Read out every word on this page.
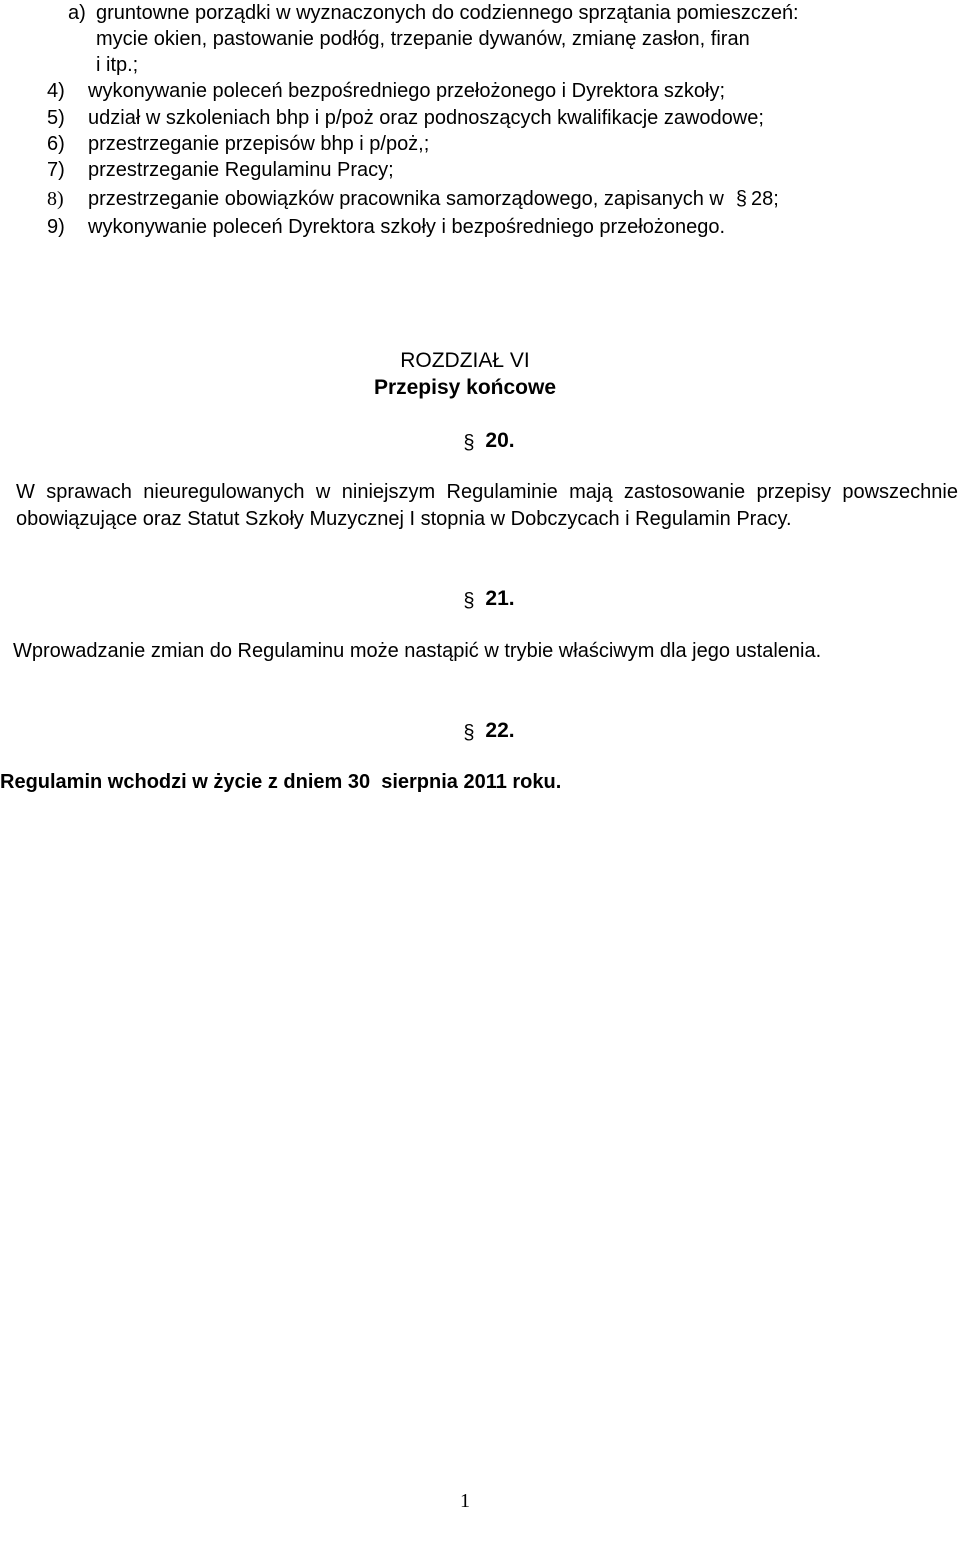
a) gruntowne porządki w wyznaczonych do codziennego sprzątania pomieszczeń:
mycie okien, pastowanie podłóg, trzepanie dywanów, zmianę zasłon, firan
i itp.;
4) wykonywanie poleceń bezpośredniego przełożonego i Dyrektora szkoły;
5) udział w szkoleniach bhp i p/poż oraz podnoszących kwalifikacje zawodowe;
6) przestrzeganie przepisów bhp i p/poż,;
7) przestrzeganie Regulaminu Pracy;
8) przestrzeganie obowiązków pracownika samorządowego, zapisanych w § 28;
9) wykonywanie poleceń Dyrektora szkoły i bezpośredniego przełożonego.
ROZDZIAŁ VI
Przepisy końcowe
§ 20.
W sprawach nieuregulowanych w niniejszym Regulaminie mają zastosowanie przepisy powszechnie obowiązujące oraz Statut Szkoły Muzycznej I stopnia w Dobczycach i Regulamin Pracy.
§ 21.
Wprowadzanie zmian do Regulaminu może nastąpić w trybie właściwym dla jego ustalenia.
§ 22.
Regulamin wchodzi w życie z dniem 30  sierpnia 2011 roku.
1
